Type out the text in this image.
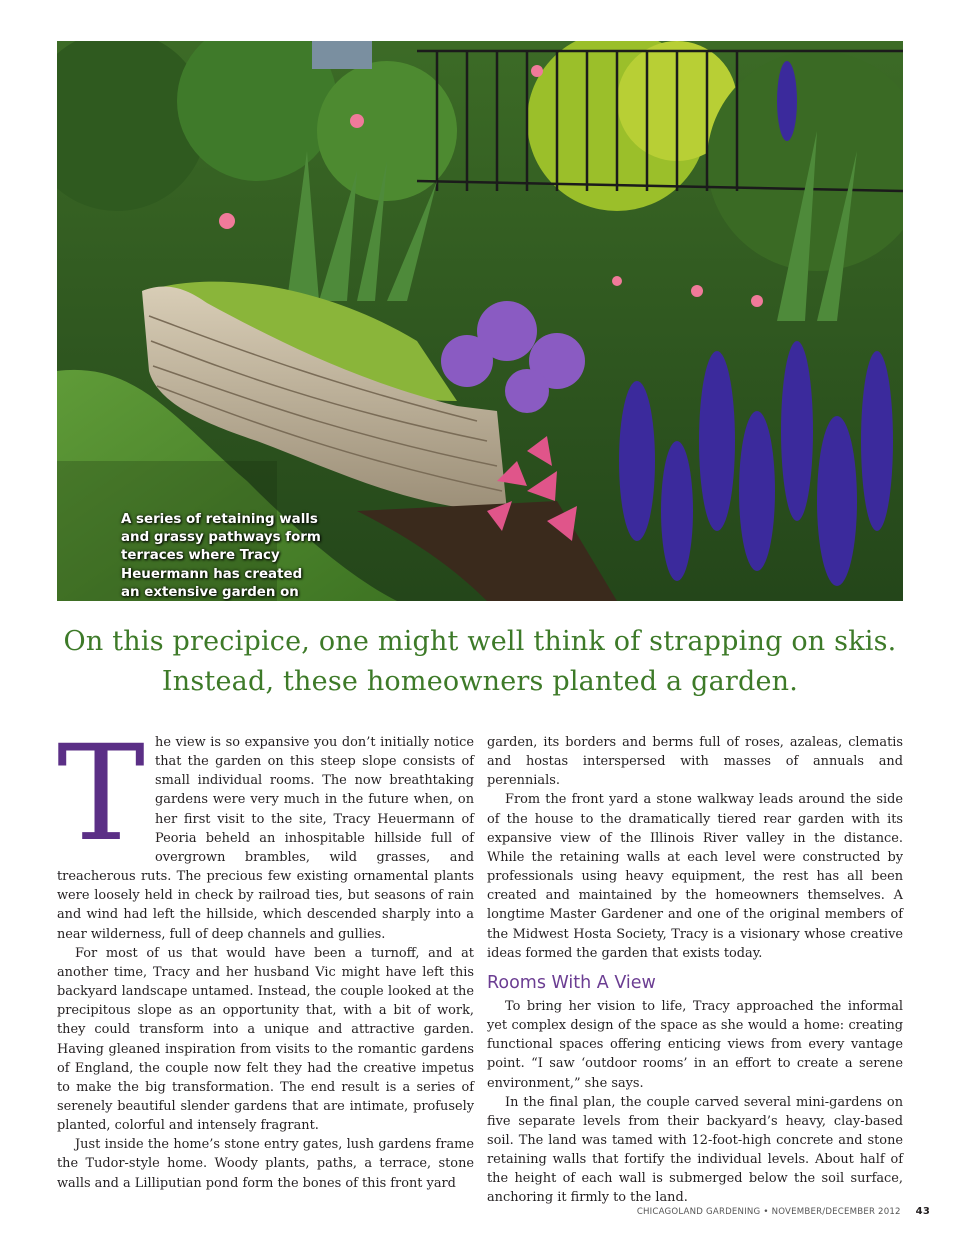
A series of retaining walls and grassy pathways form terraces where Tracy Heuermann has created an extensive garden on
On this precipice, one might well think of strapping on skis.
Instead, these homeowners planted a garden.

The view is so expansive you don’t initially notice that the garden on this steep slope consists of small individual rooms. The now breathtaking gardens were very much in the future when, on her first visit to the site, Tracy Heuermann of Peoria beheld an inhospitable hillside full of overgrown brambles, wild grasses, and treacherous ruts. The precious few existing ornamental plants were loosely held in check by railroad ties, but seasons of rain and wind had left the hillside, which descended sharply into a near wilderness, full of deep channels and gullies.

For most of us that would have been a turnoff, and at another time, Tracy and her husband Vic might have left this backyard landscape untamed. Instead, the couple looked at the precipitous slope as an opportunity that, with a bit of work, they could transform into a unique and attractive garden. Having gleaned inspiration from visits to the romantic gardens of England, the couple now felt they had the creative impetus to make the big transformation. The end result is a series of serenely beautiful slender gardens that are intimate, profusely planted, colorful and intensely fragrant.

Just inside the home’s stone entry gates, lush gardens frame the Tudor-style home. Woody plants, paths, a terrace, stone walls and a Lilliputian pond form the bones of this front yard

garden, its borders and berms full of roses, azaleas, clematis and hostas interspersed with masses of annuals and perennials.

From the front yard a stone walkway leads around the side of the house to the dramatically tiered rear garden with its expansive view of the Illinois River valley in the distance. While the retaining walls at each level were constructed by professionals using heavy equipment, the rest has all been created and maintained by the homeowners themselves. A longtime Master Gardener and one of the original members of the Midwest Hosta Society, Tracy is a visionary whose creative ideas formed the garden that exists today.

Rooms With A View

To bring her vision to life, Tracy approached the informal yet complex design of the space as she would a home: creating functional spaces offering enticing views from every vantage point. “I saw ‘outdoor rooms’ in an effort to create a serene environment,” she says.

In the final plan, the couple carved several mini-gardens on five separate levels from their backyard’s heavy, clay-based soil. The land was tamed with 12-foot-high concrete and stone retaining walls that fortify the individual levels. About half of the height of each wall is submerged below the soil surface, anchoring it firmly to the land.

CHICAGOLAND GARDENING • NOVEMBER/DECEMBER 2012 43
